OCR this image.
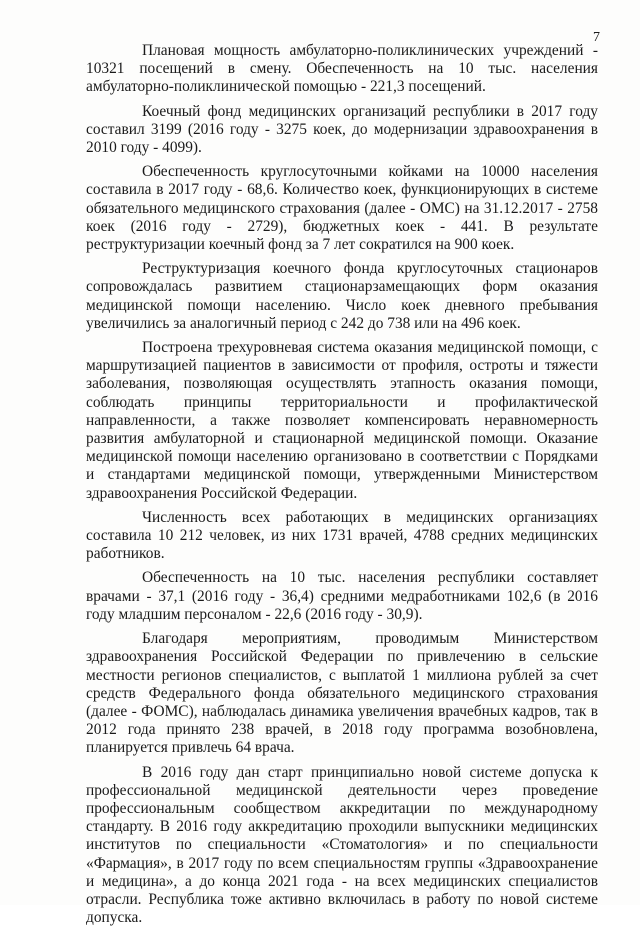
7

Плановая мощность амбулаторно-поликлинических учреждений - 10321 посещений в смену. Обеспеченность на 10 тыс. населения амбулаторно-поликлинической помощью - 221,3 посещений.

Коечный фонд медицинских организаций республики в 2017 году составил 3199 (2016 году - 3275 коек, до модернизации здравоохранения в 2010 году - 4099).

Обеспеченность круглосуточными койками на 10000 населения составила в 2017 году - 68,6. Количество коек, функционирующих в системе обязательного медицинского страхования (далее - ОМС) на 31.12.2017 - 2758 коек (2016 году - 2729), бюджетных коек - 441. В результате реструктуризации коечный фонд за 7 лет сократился на 900 коек.

Реструктуризация коечного фонда круглосуточных стационаров сопровождалась развитием стационарзамещающих форм оказания медицинской помощи населению. Число коек дневного пребывания увеличились за аналогичный период с 242 до 738 или на 496 коек.

Построена трехуровневая система оказания медицинской помощи, с маршрутизацией пациентов в зависимости от профиля, остроты и тяжести заболевания, позволяющая осуществлять этапность оказания помощи, соблюдать принципы территориальности и профилактической направленности, а также позволяет компенсировать неравномерность развития амбулаторной и стационарной медицинской помощи. Оказание медицинской помощи населению организовано в соответствии с Порядками и стандартами медицинской помощи, утвержденными Министерством здравоохранения Российской Федерации.

Численность всех работающих в медицинских организациях составила 10 212 человек, из них 1731 врачей, 4788 средних медицинских работников.

Обеспеченность на 10 тыс. населения республики составляет врачами - 37,1 (2016 году - 36,4) средними медработниками 102,6 (в 2016 году младшим персоналом - 22,6 (2016 году - 30,9).

Благодаря мероприятиям, проводимым Министерством здравоохранения Российской Федерации по привлечению в сельские местности регионов специалистов, с выплатой 1 миллиона рублей за счет средств Федерального фонда обязательного медицинского страхования (далее - ФОМС), наблюдалась динамика увеличения врачебных кадров, так в 2012 года принято 238 врачей, в 2018 году программа возобновлена, планируется привлечь 64 врача.

В 2016 году дан старт принципиально новой системе допуска к профессиональной медицинской деятельности через проведение профессиональным сообществом аккредитации по международному стандарту. В 2016 году аккредитацию проходили выпускники медицинских институтов по специальности «Стоматология» и по специальности «Фармация», в 2017 году по всем специальностям группы «Здравоохранение и медицина», а до конца 2021 года - на всех медицинских специалистов отрасли. Республика тоже активно включилась в работу по новой системе допуска.
